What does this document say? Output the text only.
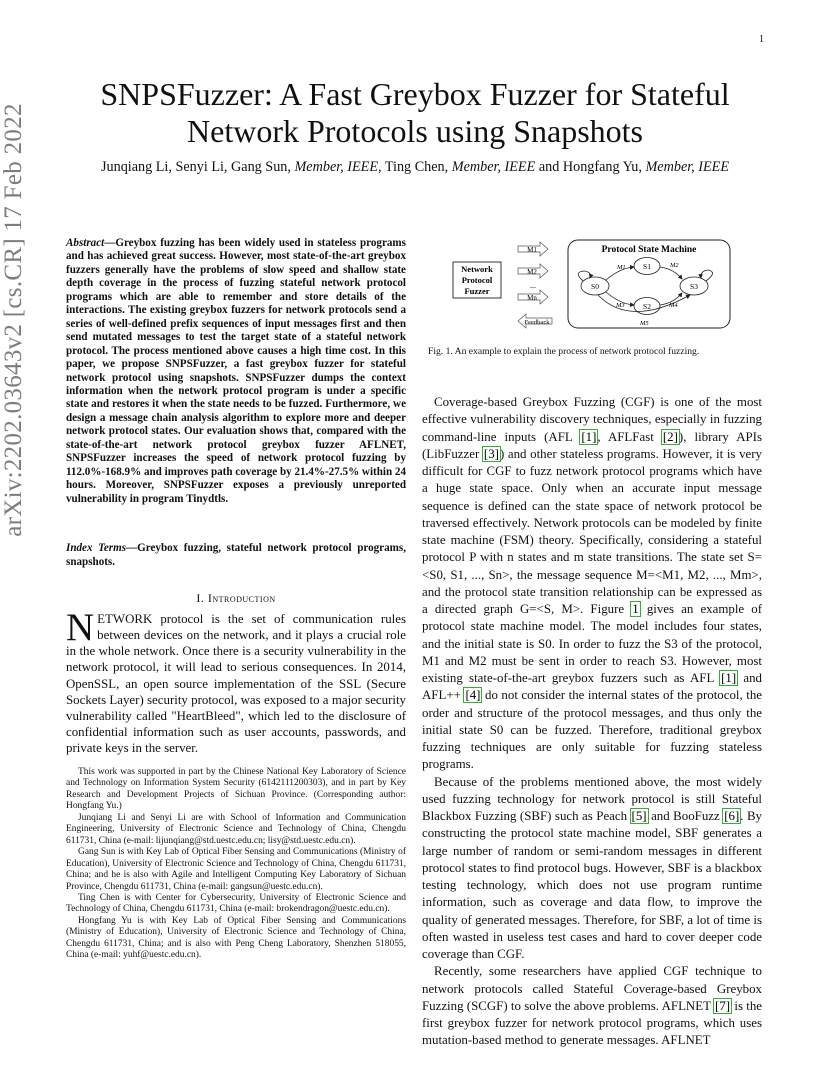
1
arXiv:2202.03643v2 [cs.CR] 17 Feb 2022
SNPSFuzzer: A Fast Greybox Fuzzer for Stateful Network Protocols using Snapshots
Junqiang Li, Senyi Li, Gang Sun, Member, IEEE, Ting Chen, Member, IEEE and Hongfang Yu, Member, IEEE
Abstract—Greybox fuzzing has been widely used in stateless programs and has achieved great success. However, most state-of-the-art greybox fuzzers generally have the problems of slow speed and shallow state depth coverage in the process of fuzzing stateful network protocol programs which are able to remember and store details of the interactions. The existing greybox fuzzers for network protocols send a series of well-defined prefix sequences of input messages first and then send mutated messages to test the target state of a stateful network protocol. The process mentioned above causes a high time cost. In this paper, we propose SNPSFuzzer, a fast greybox fuzzer for stateful network protocol using snapshots. SNPSFuzzer dumps the context information when the network protocol program is under a specific state and restores it when the state needs to be fuzzed. Furthermore, we design a message chain analysis algorithm to explore more and deeper network protocol states. Our evaluation shows that, compared with the state-of-the-art network protocol greybox fuzzer AFLNET, SNPSFuzzer increases the speed of network protocol fuzzing by 112.0%-168.9% and improves path coverage by 21.4%-27.5% within 24 hours. Moreover, SNPSFuzzer exposes a previously unreported vulnerability in program Tinydtls.
Index Terms—Greybox fuzzing, stateful network protocol programs, snapshots.
I. Introduction
NETWORK protocol is the set of communication rules between devices on the network, and it plays a crucial role in the whole network. Once there is a security vulnerability in the network protocol, it will lead to serious consequences. In 2014, OpenSSL, an open source implementation of the SSL (Secure Sockets Layer) security protocol, was exposed to a major security vulnerability called "HeartBleed", which led to the disclosure of confidential information such as user accounts, passwords, and private keys in the server.

This work was supported in part by the Chinese National Key Laboratory of Science and Technology on Information System Security (6142111200303), and in part by Key Research and Development Projects of Sichuan Province. (Corresponding author: Hongfang Yu.)

Junqiang Li and Senyi Li are with School of Information and Communication Engineering, University of Electronic Science and Technology of China, Chengdu 611731, China (e-mail: lijunqiang@std.uestc.edu.cn; lisy@std.uestc.edu.cn).

Gang Sun is with Key Lab of Optical Fiber Sensing and Communications (Ministry of Education), University of Electronic Science and Technology of China, Chengdu 611731, China; and he is also with Agile and Intelligent Computing Key Laboratory of Sichuan Province, Chengdu 611731, China (e-mail: gangsun@uestc.edu.cn).

Ting Chen is with Center for Cybersecurity, University of Electronic Science and Technology of China, Chengdu 611731, China (e-mail: brokendragon@uestc.edu.cn).

Hongfang Yu is with Key Lab of Optical Fiber Sensing and Communications (Ministry of Education), University of Electronic Science and Technology of China, Chengdu 611731, China; and is also with Peng Cheng Laboratory, Shenzhen 518055, China (e-mail: yuhf@uestc.edu.cn).

Network
Protocol
Fuzzer
M1
M2
...
Mn
Feedback
Protocol State Machine
S0
S1
S2
S3
M1	M2
M3	M4
M5
Fig. 1. An example to explain the process of network protocol fuzzing.

Coverage-based Greybox Fuzzing (CGF) is one of the most effective vulnerability discovery techniques, especially in fuzzing command-line inputs (AFL [1], AFLFast [2]), library APIs (LibFuzzer [3]) and other stateless programs. However, it is very difficult for CGF to fuzz network protocol programs which have a huge state space. Only when an accurate input message sequence is defined can the state space of network protocol be traversed effectively. Network protocols can be modeled by finite state machine (FSM) theory. Specifically, considering a stateful protocol P with n states and m state transitions. The state set S=<S0, S1, ..., Sn>, the message sequence M=<M1, M2, ..., Mm>, and the protocol state transition relationship can be expressed as a directed graph G=<S, M>. Figure 1 gives an example of protocol state machine model. The model includes four states, and the initial state is S0. In order to fuzz the S3 of the protocol, M1 and M2 must be sent in order to reach S3. However, most existing state-of-the-art greybox fuzzers such as AFL [1] and AFL++ [4] do not consider the internal states of the protocol, the order and structure of the protocol messages, and thus only the initial state S0 can be fuzzed. Therefore, traditional greybox fuzzing techniques are only suitable for fuzzing stateless programs.

Because of the problems mentioned above, the most widely used fuzzing technology for network protocol is still Stateful Blackbox Fuzzing (SBF) such as Peach [5] and BooFuzz [6]. By constructing the protocol state machine model, SBF generates a large number of random or semi-random messages in different protocol states to find protocol bugs. However, SBF is a blackbox testing technology, which does not use program runtime information, such as coverage and data flow, to improve the quality of generated messages. Therefore, for SBF, a lot of time is often wasted in useless test cases and hard to cover deeper code coverage than CGF.

Recently, some researchers have applied CGF technique to network protocols called Stateful Coverage-based Greybox Fuzzing (SCGF) to solve the above problems. AFLNET [7] is the first greybox fuzzer for network protocol programs, which uses mutation-based method to generate messages. AFLNET
